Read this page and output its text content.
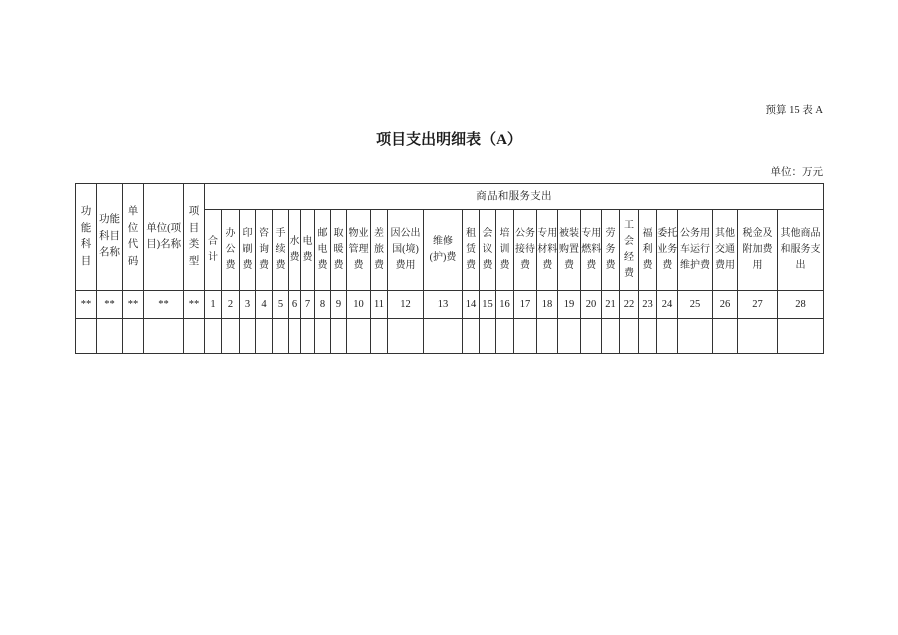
预算 15 表 A
项目支出明细表（A）
单位：万元
功能科目	功能科目名称	单位代码	单位(项目)名称	项目类型	商品和服务支出																											

					合计	办公费	印刷费	咨询费	手续费	水费	电费	邮电费	取暖费	物业管理费	差旅费	因公出国(境)费用	维修(护)费	租赁费	会议费	培训费	公务接待费	专用材料费	被装购置费	专用燃料费	劳务费	工会经费	福利费	委托业务费	公务用车运行维护费	其他交通费用	税金及附加费用	其他商品和服务支出

**	**	**	**	**	1	2	3	4	5	6	7	8	9	10	11	12	13	14	15	16	17	18	19	20	21	22	23	24	25	26	27	28
